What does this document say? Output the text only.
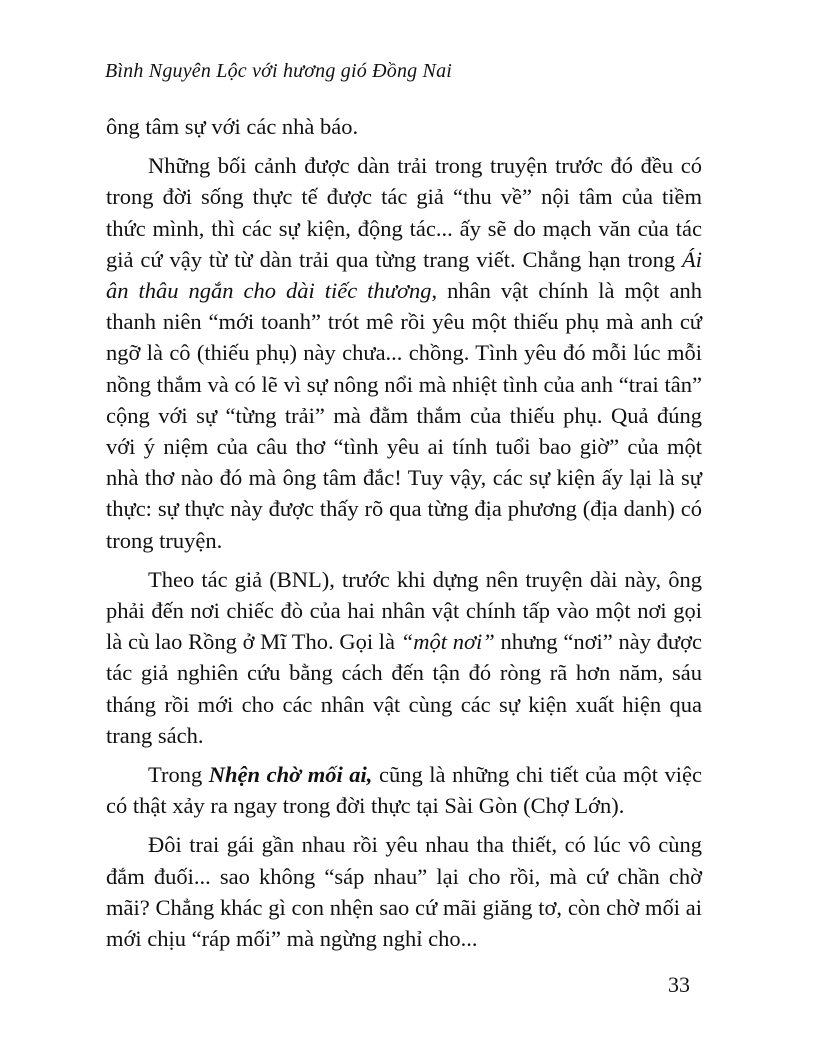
Bình Nguyên Lộc với hương gió Đồng Nai

ông tâm sự với các nhà báo.

Những bối cảnh được dàn trải trong truyện trước đó đều có trong đời sống thực tế được tác giả “thu về” nội tâm của tiềm thức mình, thì các sự kiện, động tác... ấy sẽ do mạch văn của tác giả cứ vậy từ từ dàn trải qua từng trang viết. Chẳng hạn trong Ái ân thâu ngắn cho dài tiếc thương, nhân vật chính là một anh thanh niên “mới toanh” trót mê rồi yêu một thiếu phụ mà anh cứ ngỡ là cô (thiếu phụ) này chưa... chồng. Tình yêu đó mỗi lúc mỗi nồng thắm và có lẽ vì sự nông nổi mà nhiệt tình của anh “trai tân” cộng với sự “từng trải” mà đằm thắm của thiếu phụ. Quả đúng với ý niệm của câu thơ “tình yêu ai tính tuổi bao giờ” của một nhà thơ nào đó mà ông tâm đắc! Tuy vậy, các sự kiện ấy lại là sự thực: sự thực này được thấy rõ qua từng địa phương (địa danh) có trong truyện.

Theo tác giả (BNL), trước khi dựng nên truyện dài này, ông phải đến nơi chiếc đò của hai nhân vật chính tấp vào một nơi gọi là cù lao Rồng ở Mĩ Tho. Gọi là “một nơi” nhưng “nơi” này được tác giả nghiên cứu bằng cách đến tận đó ròng rã hơn năm, sáu tháng rồi mới cho các nhân vật cùng các sự kiện xuất hiện qua trang sách.

Trong Nhện chờ mối ai, cũng là những chi tiết của một việc có thật xảy ra ngay trong đời thực tại Sài Gòn (Chợ Lớn).

Đôi trai gái gần nhau rồi yêu nhau tha thiết, có lúc vô cùng đắm đuối... sao không “sáp nhau” lại cho rồi, mà cứ chần chờ mãi? Chẳng khác gì con nhện sao cứ mãi giăng tơ, còn chờ mối ai mới chịu “ráp mối” mà ngừng nghỉ cho...

33
